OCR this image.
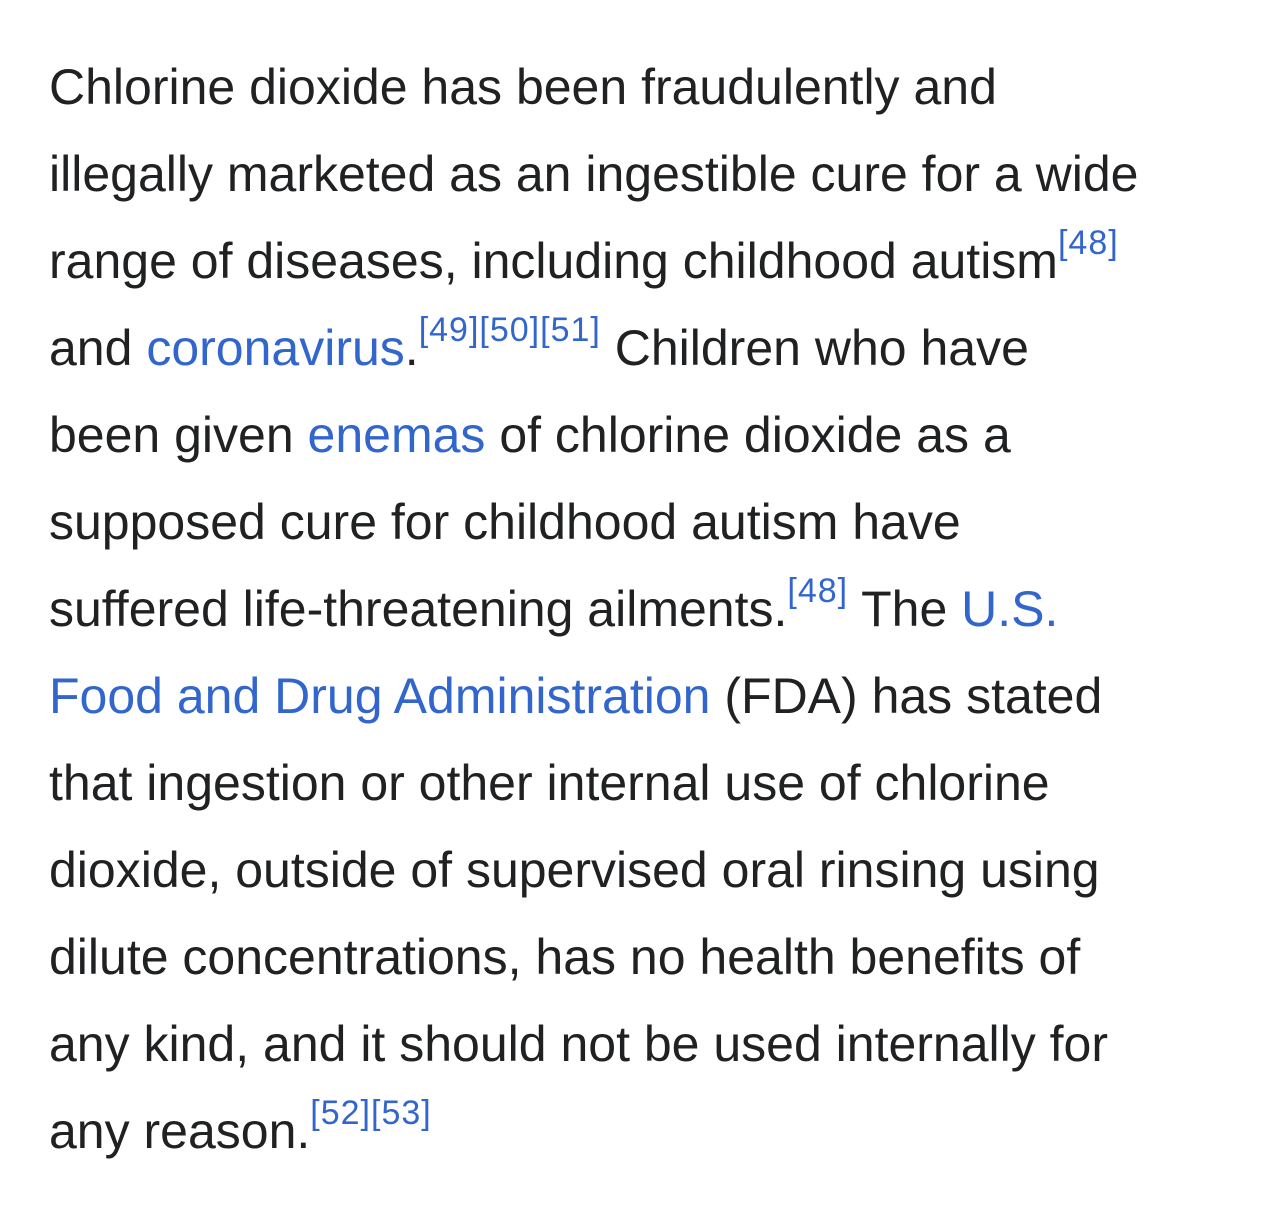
Chlorine dioxide has been fraudulently and
illegally marketed as an ingestible cure for a wide
range of diseases, including childhood autism[48]
and coronavirus.[49][50][51] Children who have
been given enemas of chlorine dioxide as a
supposed cure for childhood autism have
suffered life-threatening ailments.[48] The U.S.
Food and Drug Administration (FDA) has stated
that ingestion or other internal use of chlorine
dioxide, outside of supervised oral rinsing using
dilute concentrations, has no health benefits of
any kind, and it should not be used internally for
any reason.[52][53]
